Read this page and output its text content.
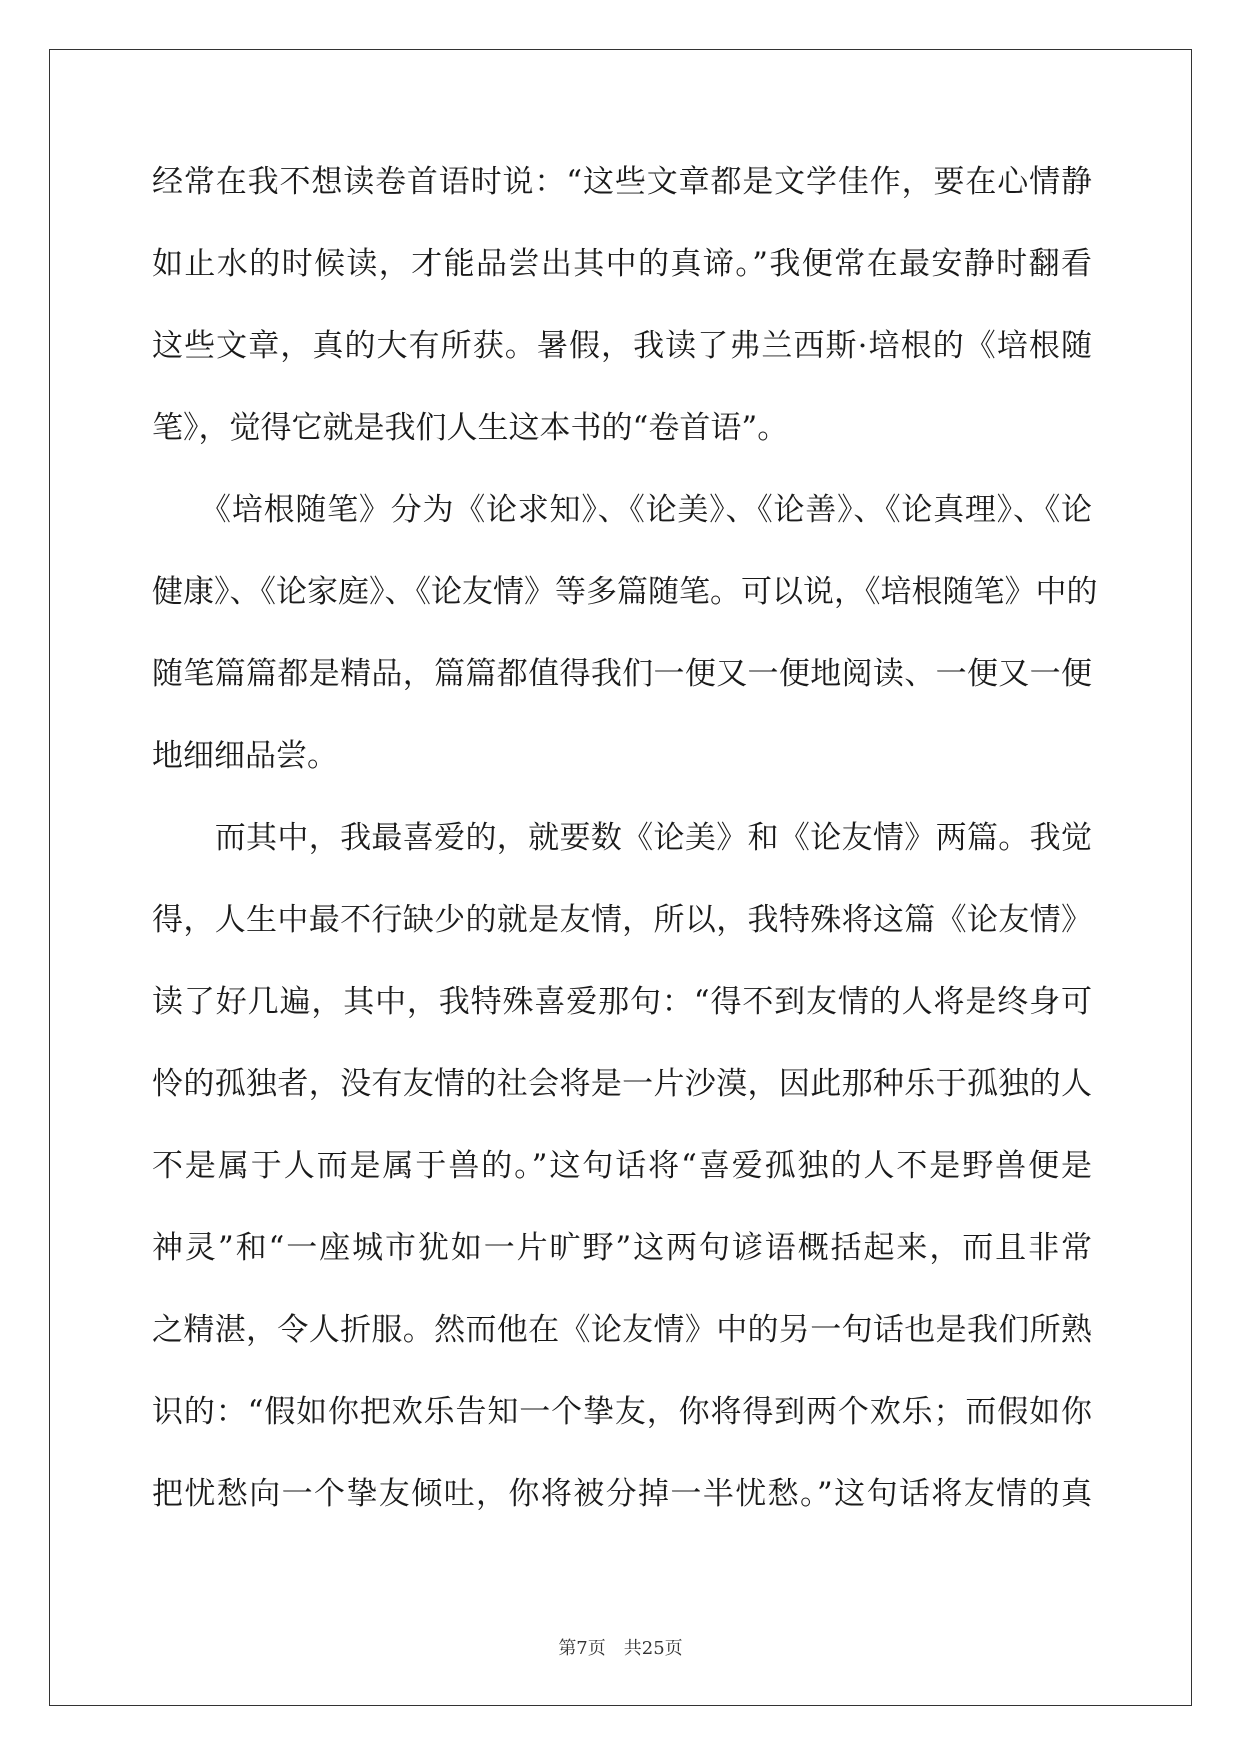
经常在我不想读卷首语时说：“这些文章都是文学佳作，要在心情静
如止水的时候读，才能品尝出其中的真谛。”我便常在最安静时翻看
这些文章，真的大有所获。暑假，我读了弗兰西斯·培根的《培根随
笔》，觉得它就是我们人生这本书的“卷首语”。
　　《培根随笔》分为《论求知》、《论美》、《论善》、《论真理》、《论
健康》、《论家庭》、《论友情》等多篇随笔。可以说，《培根随笔》中的
随笔篇篇都是精品，篇篇都值得我们一便又一便地阅读、一便又一便
地细细品尝。
　　而其中，我最喜爱的，就要数《论美》和《论友情》两篇。我觉
得，人生中最不行缺少的就是友情，所以，我特殊将这篇《论友情》
读了好几遍，其中，我特殊喜爱那句：“得不到友情的人将是终身可
怜的孤独者，没有友情的社会将是一片沙漠，因此那种乐于孤独的人
不是属于人而是属于兽的。”这句话将“喜爱孤独的人不是野兽便是
神灵”和“一座城市犹如一片旷野”这两句谚语概括起来，而且非常
之精湛，令人折服。然而他在《论友情》中的另一句话也是我们所熟
识的：“假如你把欢乐告知一个挚友，你将得到两个欢乐；而假如你
把忧愁向一个挚友倾吐，你将被分掉一半忧愁。”这句话将友情的真
第7页 共25页
